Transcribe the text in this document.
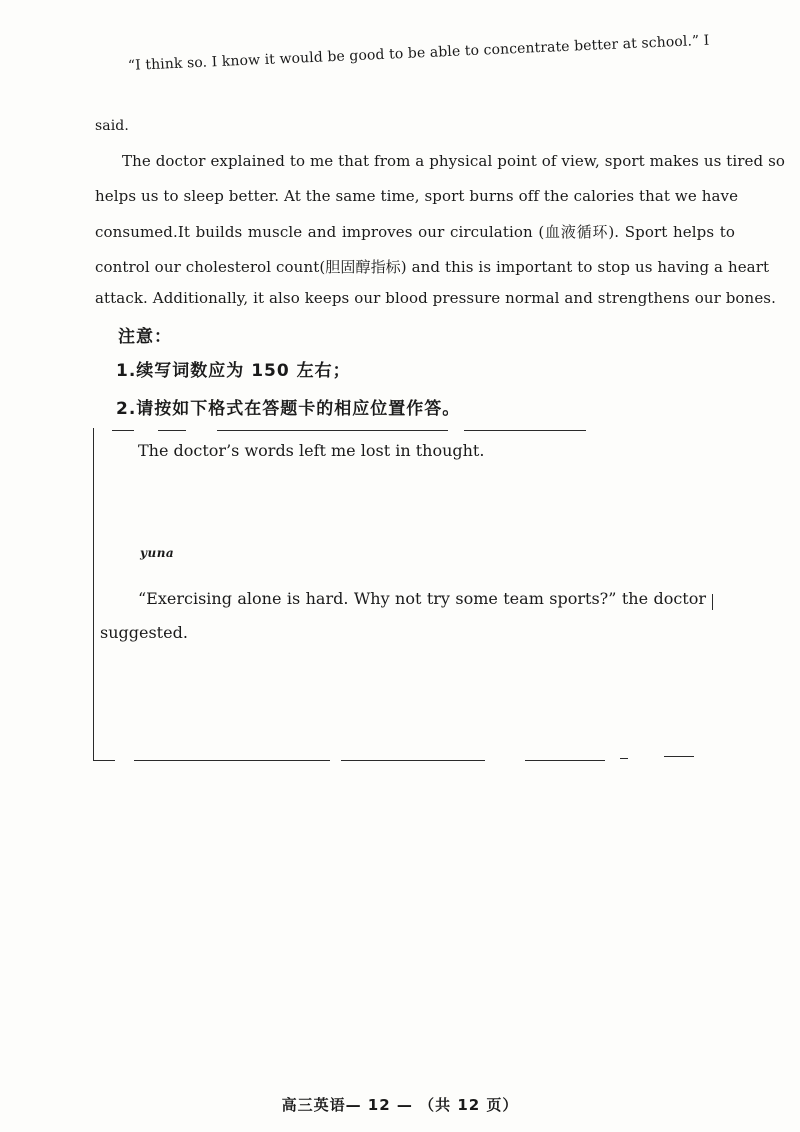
“I think so. I know it would be good to be able to concentrate better at school.” I
said.
The doctor explained to me that from a physical point of view, sport makes us tired so
helps us to sleep better. At the same time, sport burns off the calories that we have
consumed.It builds muscle and improves our circulation (血液循环). Sport helps to
control our cholesterol count(胆固醇指标) and this is important to stop us having a heart
attack. Additionally, it also keeps our blood pressure normal and strengthens our bones.
注意：
1.续写词数应为 150 左右；
2.请按如下格式在答题卡的相应位置作答。
The doctor’s words left me lost in thought.
yuna
“Exercising alone is hard. Why not try some team sports?” the doctor
suggested.
高三英语— 12 — （共 12 页）
